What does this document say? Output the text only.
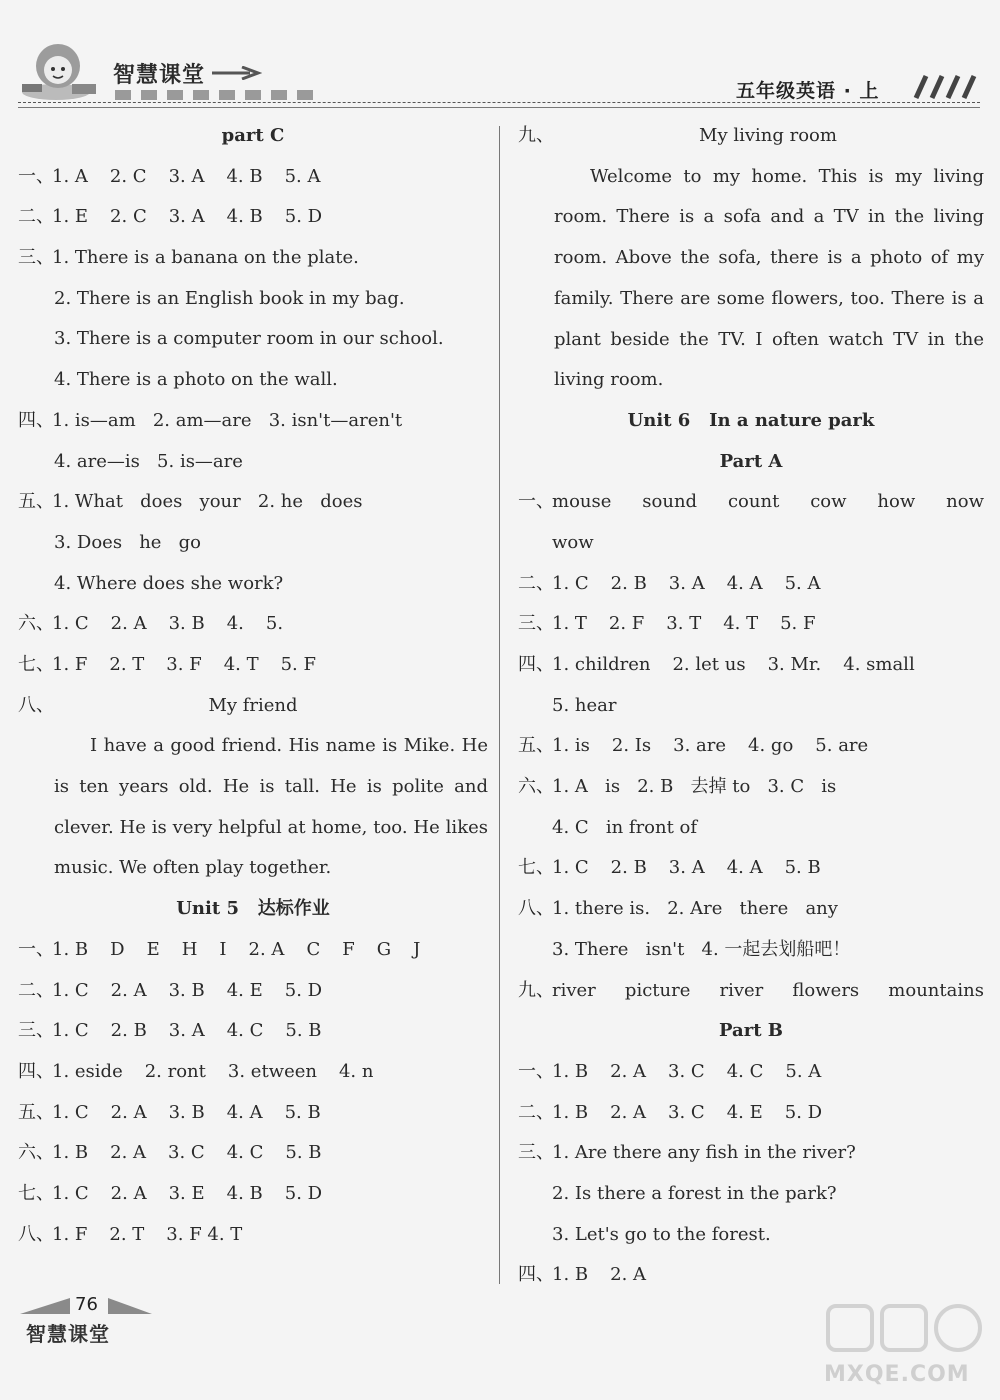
智慧课堂
五年级英语 · 上
part C
一、
1. A 2. C 3. A 4. B 5. A
二、
1. E 2. C 3. A 4. B 5. D
三、
1. There is a banana on the plate.
2. There is an English book in my bag.
3. There is a computer room in our school.
4. There is a photo on the wall.
四、
1. is—am   2. am—are   3. isn't—aren't
4. are—is   5. is—are
五、
1. What   does   your   2. he   does
3. Does   he   go
4. Where does she work?
六、
1. C 2. A 3. B 4. 5.
七、
1. F 2. T 3. F 4. T 5. F
八、	My friend
I have a good friend. His name is Mike. He is ten years old. He is tall. He is polite and clever. He is very helpful at home, too. He likes music. We often play together.
Unit 5   达标作业
一、
1. B D E H I 2. A C F G J
二、
1. C 2. A 3. B 4. E 5. D
三、
1. C 2. B 3. A 4. C 5. B
四、
1. eside 2. ront 3. etween 4. n
五、
1. C 2. A 3. B 4. A 5. B
六、
1. B 2. A 3. C 4. C 5. B
七、
1. C 2. A 3. E 4. B 5. D
八、
1. F 2. T 3. F 4. T
九、	My living room
Welcome to my home. This is my living room. There is a sofa and a TV in the living room. Above the sofa, there is a photo of my family. There are some flowers, too. There is a plant beside the TV. I often watch TV in the living room.
Unit 6   In a nature park
Part A
一、
mouse sound count cow how now
wow
二、
1. C 2. B 3. A 4. A 5. A
三、
1. T 2. F 3. T 4. T 5. F
四、
1. children 2. let us 3. Mr. 4. small
5. hear
五、
1. is 2. Is 3. are 4. go 5. are
六、
1. A   is   2. B   去掉 to   3. C   is
4. C   in front of
七、
1. C 2. B 3. A 4. A 5. B
八、
1. there is.   2. Are   there   any
3. There   isn't   4. 一起去划船吧！
九、
river picture river flowers mountains
Part B
一、
1. B 2. A 3. C 4. C 5. A
二、
1. B 2. A 3. C 4. E 5. D
三、
1. Are there any fish in the river?
2. Is there a forest in the park?
3. Let's go to the forest.
四、
1. B 2. A
76
智慧课堂
MXQE.COM
